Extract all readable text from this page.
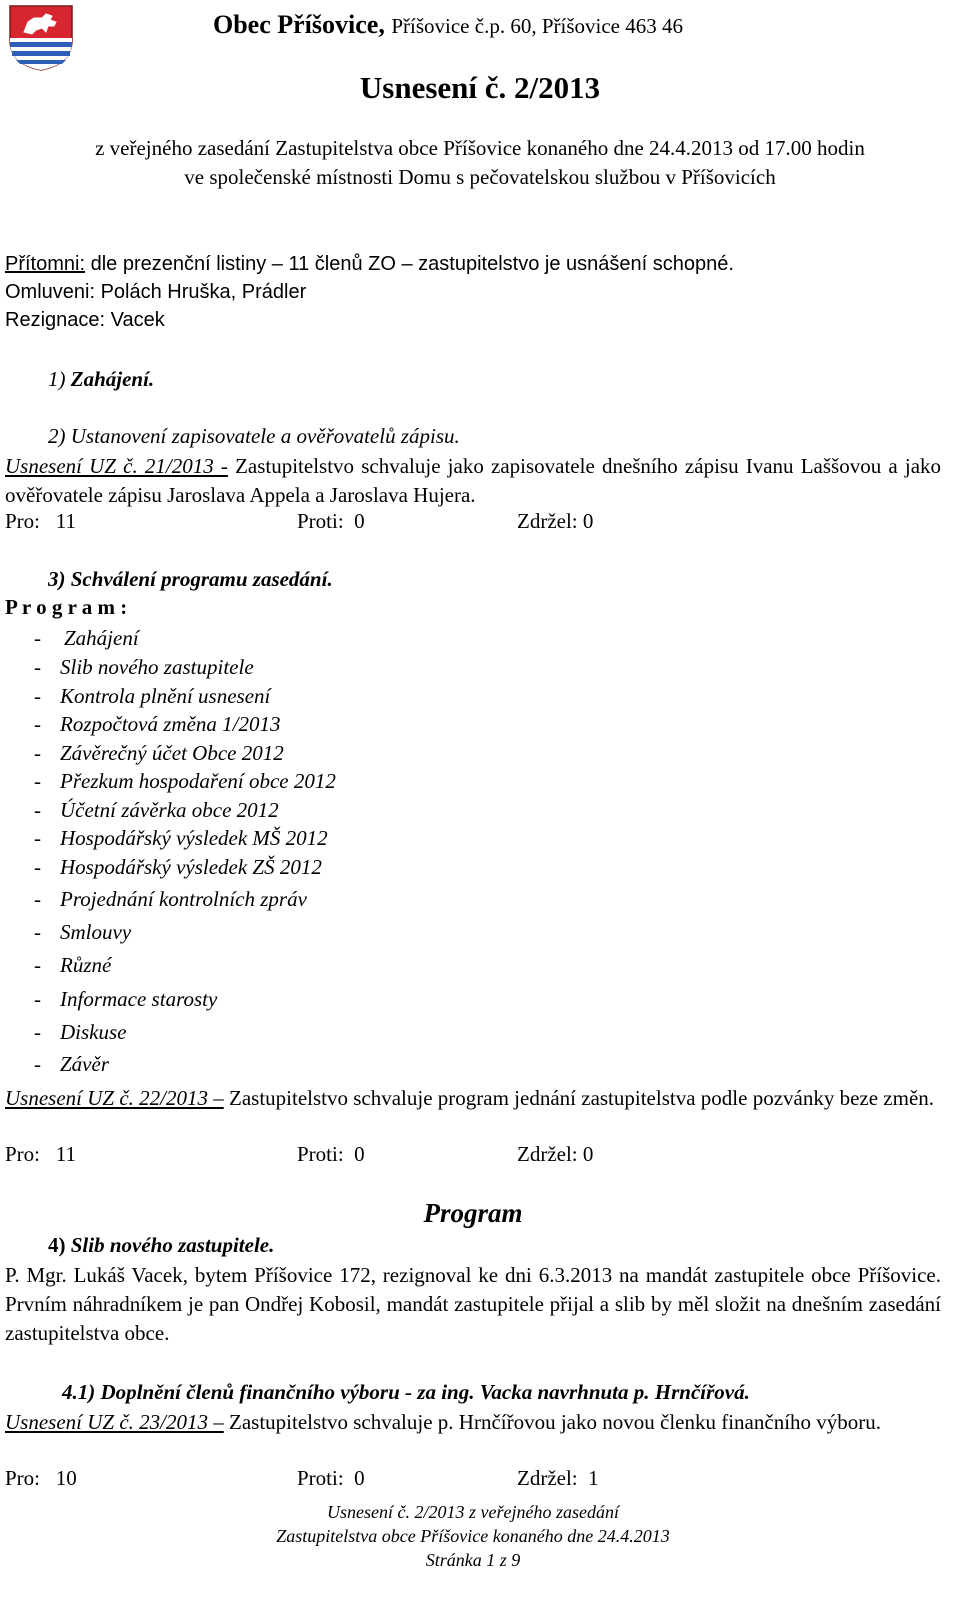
Obec Příšovice, Příšovice č.p. 60, Příšovice 463 46
Usnesení č. 2/2013
z veřejného zasedání Zastupitelstva obce Příšovice konaného dne 24.4.2013 od 17.00 hodin
ve společenské místnosti Domu s pečovatelskou službou v Příšovicích
Přítomni: dle prezenční listiny – 11 členů ZO – zastupitelstvo je usnášení schopné.
Omluveni: Polách Hruška, Prádler
Rezignace: Vacek
1) Zahájení.
2) Ustanovení zapisovatele a ověřovatelů zápisu.
Usnesení UZ č. 21/2013 - Zastupitelstvo schvaluje jako zapisovatele dnešního zápisu Ivanu Laššovou a jako ověřovatele zápisu Jaroslava Appela a Jaroslava Hujera.
Pro:   11	Proti:  0	Zdržel: 0
3) Schválení programu zasedání.
P r o g r a m :
- Zahájení
- Slib nového zastupitele
- Kontrola plnění usnesení
- Rozpočtová změna 1/2013
- Závěrečný účet Obce 2012
- Přezkum hospodaření obce 2012
- Účetní závěrka obce 2012
- Hospodářský výsledek MŠ 2012
- Hospodářský výsledek ZŠ 2012
- Projednání kontrolních zpráv
- Smlouvy
- Různé
- Informace starosty
- Diskuse
- Závěr
Usnesení UZ č. 22/2013 – Zastupitelstvo schvaluje program jednání zastupitelstva podle pozvánky beze změn.
Pro:   11	Proti:  0	Zdržel: 0
Program
4) Slib nového zastupitele.
P. Mgr. Lukáš Vacek, bytem Příšovice 172, rezignoval ke dni 6.3.2013 na mandát zastupitele obce Příšovice. Prvním náhradníkem je pan Ondřej Kobosil, mandát zastupitele přijal a slib by měl složit na dnešním zasedání zastupitelstva obce.
4.1) Doplnění členů finančního výboru - za ing. Vacka navrhnuta p. Hrnčířová.
Usnesení UZ č. 23/2013 – Zastupitelstvo schvaluje p. Hrnčířovou jako novou členku finančního výboru.
Pro:   10	Proti:  0	Zdržel:  1
Usnesení č. 2/2013 z veřejného zasedání
Zastupitelstva obce Příšovice konaného dne 24.4.2013
Stránka 1 z 9
